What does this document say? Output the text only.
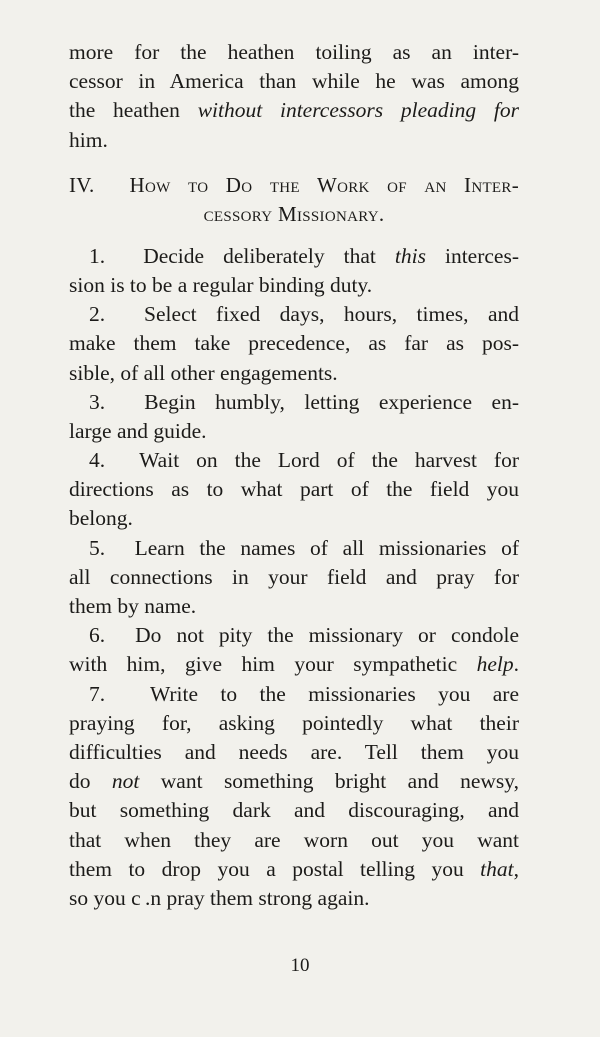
more for the heathen toiling as an inter-
cessor in America than while he was among
the heathen without intercessors pleading for
him.
IV. How to Do the Work of an Inter-
cessory Missionary.
1. Decide deliberately that this interces-
sion is to be a regular binding duty.
2. Select fixed days, hours, times, and
make them take precedence, as far as pos-
sible, of all other engagements.
3. Begin humbly, letting experience en-
large and guide.
4. Wait on the Lord of the harvest for
directions as to what part of the field you
belong.
5. Learn the names of all missionaries of
all connections in your field and pray for
them by name.
6. Do not pity the missionary or condole
with him, give him your sympathetic help.
7. Write to the missionaries you are
praying for, asking pointedly what their
difficulties and needs are. Tell them you
do not want something bright and newsy,
but something dark and discouraging, and
that when they are worn out you want
them to drop you a postal telling you that,
so you c .n pray them strong again.
10
